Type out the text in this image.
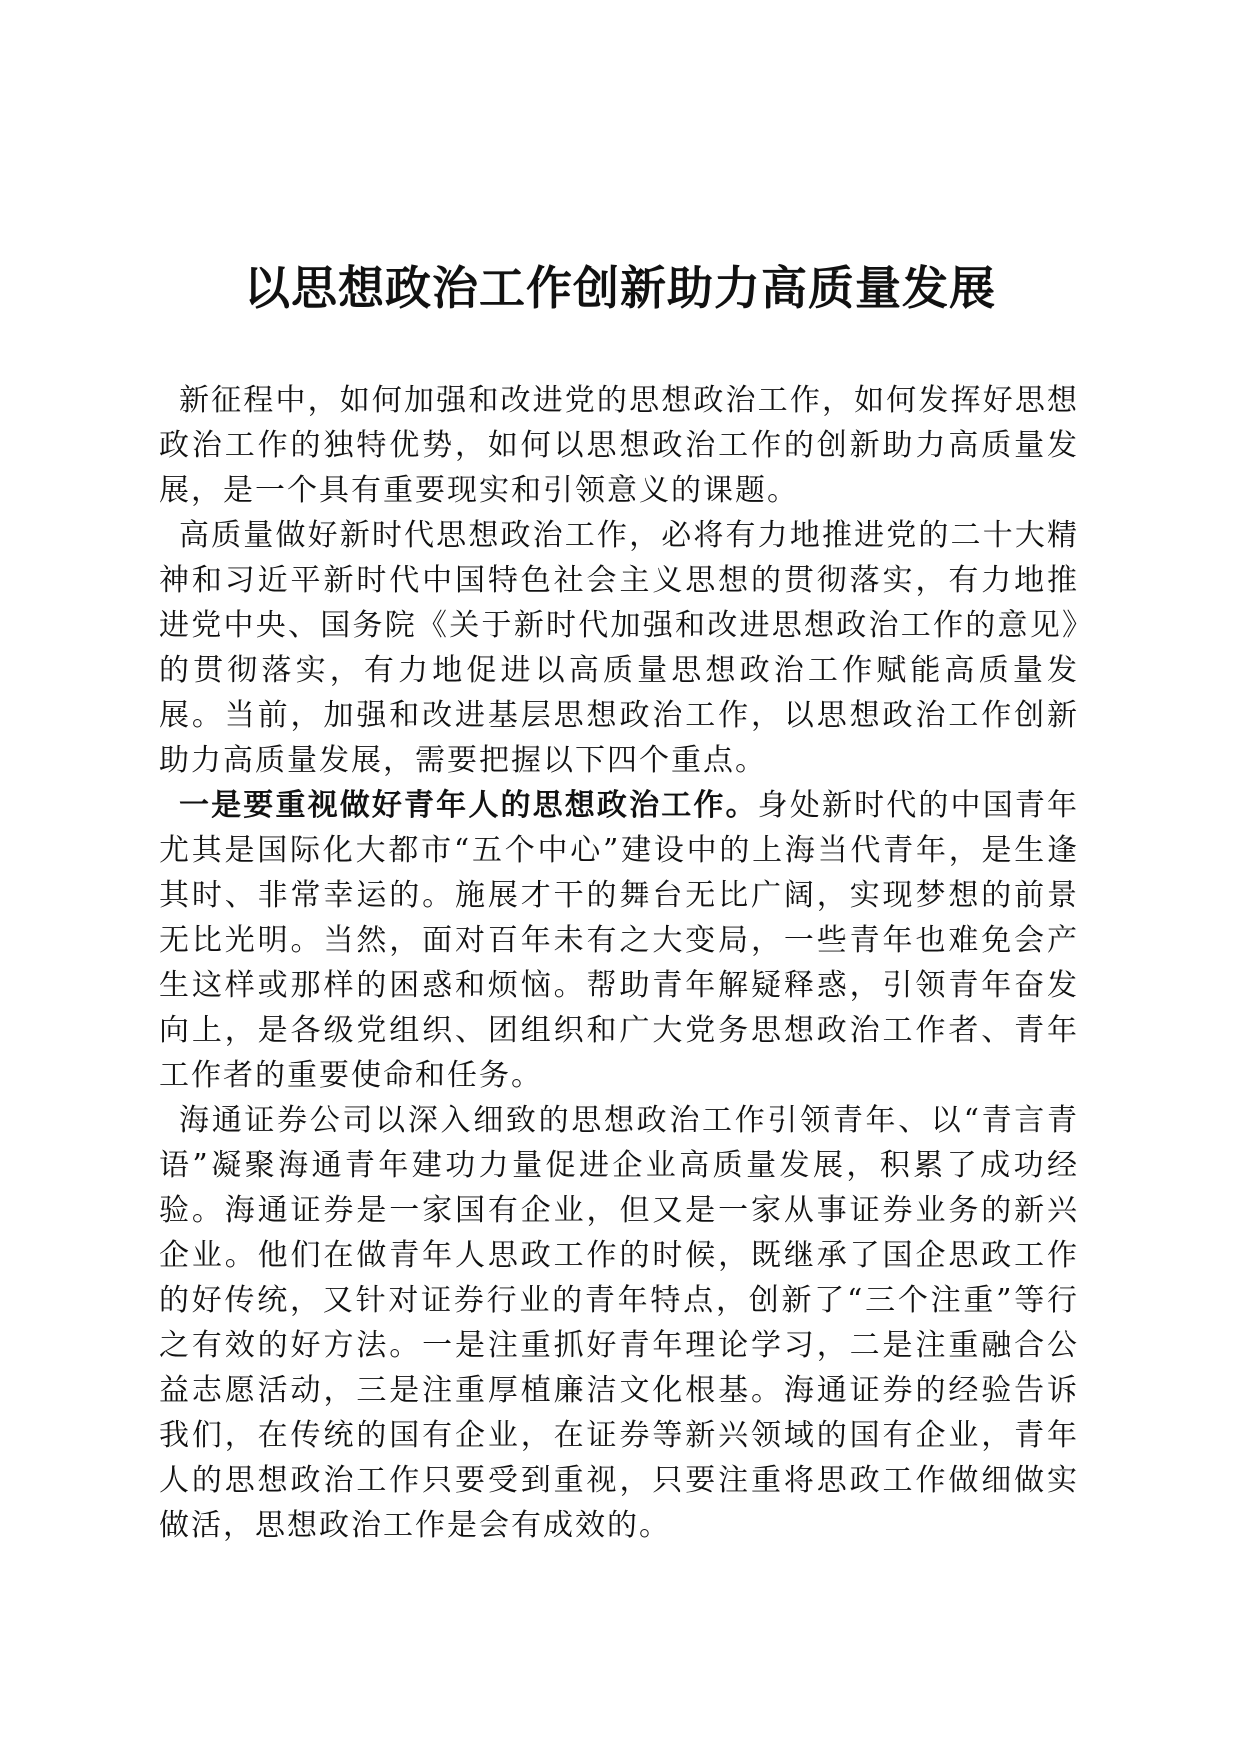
以思想政治工作创新助力高质量发展

新征程中，如何加强和改进党的思想政治工作，如何发挥好思想政治工作的独特优势，如何以思想政治工作的创新助力高质量发展，是一个具有重要现实和引领意义的课题。

高质量做好新时代思想政治工作，必将有力地推进党的二十大精神和习近平新时代中国特色社会主义思想的贯彻落实，有力地推进党中央、国务院《关于新时代加强和改进思想政治工作的意见》的贯彻落实，有力地促进以高质量思想政治工作赋能高质量发展。当前，加强和改进基层思想政治工作，以思想政治工作创新助力高质量发展，需要把握以下四个重点。

一是要重视做好青年人的思想政治工作。身处新时代的中国青年尤其是国际化大都市“五个中心”建设中的上海当代青年，是生逢其时、非常幸运的。施展才干的舞台无比广阔，实现梦想的前景无比光明。当然，面对百年未有之大变局，一些青年也难免会产生这样或那样的困惑和烦恼。帮助青年解疑释惑，引领青年奋发向上，是各级党组织、团组织和广大党务思想政治工作者、青年工作者的重要使命和任务。

海通证券公司以深入细致的思想政治工作引领青年、以“青言青语”凝聚海通青年建功力量促进企业高质量发展，积累了成功经验。海通证券是一家国有企业，但又是一家从事证券业务的新兴企业。他们在做青年人思政工作的时候，既继承了国企思政工作的好传统，又针对证券行业的青年特点，创新了“三个注重”等行之有效的好方法。一是注重抓好青年理论学习，二是注重融合公益志愿活动，三是注重厚植廉洁文化根基。海通证券的经验告诉我们，在传统的国有企业，在证券等新兴领域的国有企业，青年人的思想政治工作只要受到重视，只要注重将思政工作做细做实做活，思想政治工作是会有成效的。
